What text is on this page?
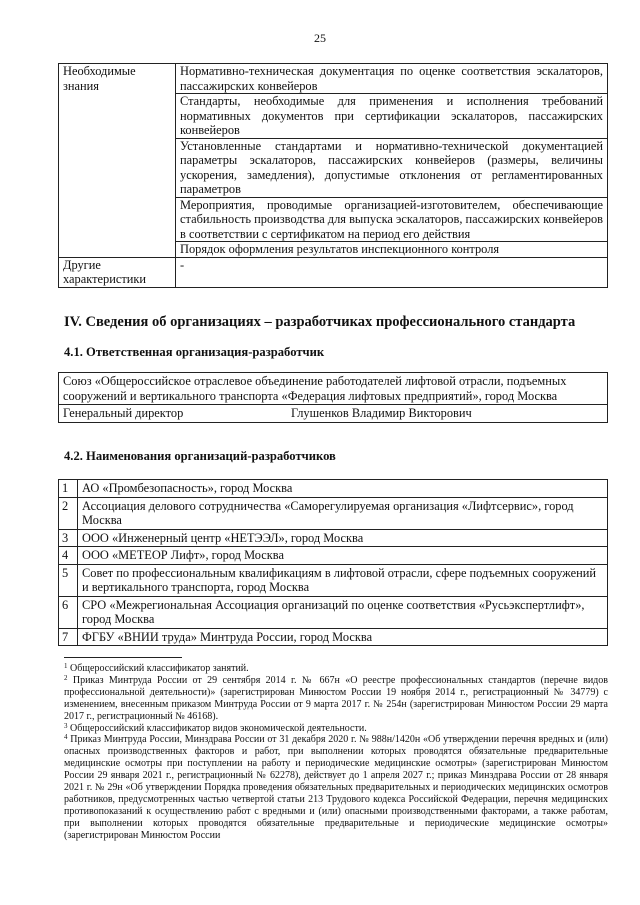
25
Необходимые знания	Нормативно-техническая документация по оценке соответствия эскалаторов, пассажирских конвейеров
	Стандарты, необходимые для применения и исполнения требований нормативных документов при сертификации эскалаторов, пассажирских конвейеров
	Установленные стандартами и нормативно-технической документацией параметры эскалаторов, пассажирских конвейеров (размеры, величины ускорения, замедления), допустимые отклонения от регламентированных параметров
	Мероприятия, проводимые организацией-изготовителем, обеспечивающие стабильность производства для выпуска эскалаторов, пассажирских конвейеров в соответствии с сертификатом на период его действия
	Порядок оформления результатов инспекционного контроля
Другие характеристики	-
IV. Сведения об организациях – разработчиках профессионального стандарта
4.1. Ответственная организация-разработчик
Союз «Общероссийское отраслевое объединение работодателей лифтовой отрасли, подъемных сооружений и вертикального транспорта «Федерация лифтовых предприятий», город Москва

Генеральный директор	Глушенков Владимир Викторович
4.2. Наименования организаций-разработчиков
1	АО «Промбезопасность», город Москва
2	Ассоциация делового сотрудничества «Саморегулируемая организация «Лифтсервис», город Москва
3	ООО «Инженерный центр «НЕТЭЭЛ», город Москва
4	ООО «МЕТЕОР Лифт», город Москва
5	Совет по профессиональным квалификациям в лифтовой отрасли, сфере подъемных сооружений и вертикального транспорта, город Москва
6	СРО «Межрегиональная Ассоциация организаций по оценке соответствия «Русьэкспертлифт», город Москва
7	ФГБУ «ВНИИ труда» Минтруда России, город Москва

$^1$ Общероссийский классификатор занятий.

$^2$ Приказ Минтруда России от 29 сентября 2014 г. № 667н «О реестре профессиональных стандартов (перечне видов профессиональной деятельности)» (зарегистрирован Минюстом России 19 ноября 2014 г., регистрационный № 34779) с изменением, внесенным приказом Минтруда России от 9 марта 2017 г. № 254н (зарегистрирован Минюстом России 29 марта 2017 г., регистрационный № 46168).

$^3$ Общероссийский классификатор видов экономической деятельности.

$^4$ Приказ Минтруда России, Минздрава России от 31 декабря 2020 г. № 988н/1420н «Об утверждении перечня вредных и (или) опасных производственных факторов и работ, при выполнении которых проводятся обязательные предварительные медицинские осмотры при поступлении на работу и периодические медицинские осмотры» (зарегистрирован Минюстом России 29 января 2021 г., регистрационный № 62278), действует до 1 апреля 2027 г.; приказ Минздрава России от 28 января 2021 г. № 29н «Об утверждении Порядка проведения обязательных предварительных и периодических медицинских осмотров работников, предусмотренных частью четвертой статьи 213 Трудового кодекса Российской Федерации, перечня медицинских противопоказаний к осуществлению работ с вредными и (или) опасными производственными факторами, а также работам, при выполнении которых проводятся обязательные предварительные и периодические медицинские осмотры» (зарегистрирован Минюстом России
